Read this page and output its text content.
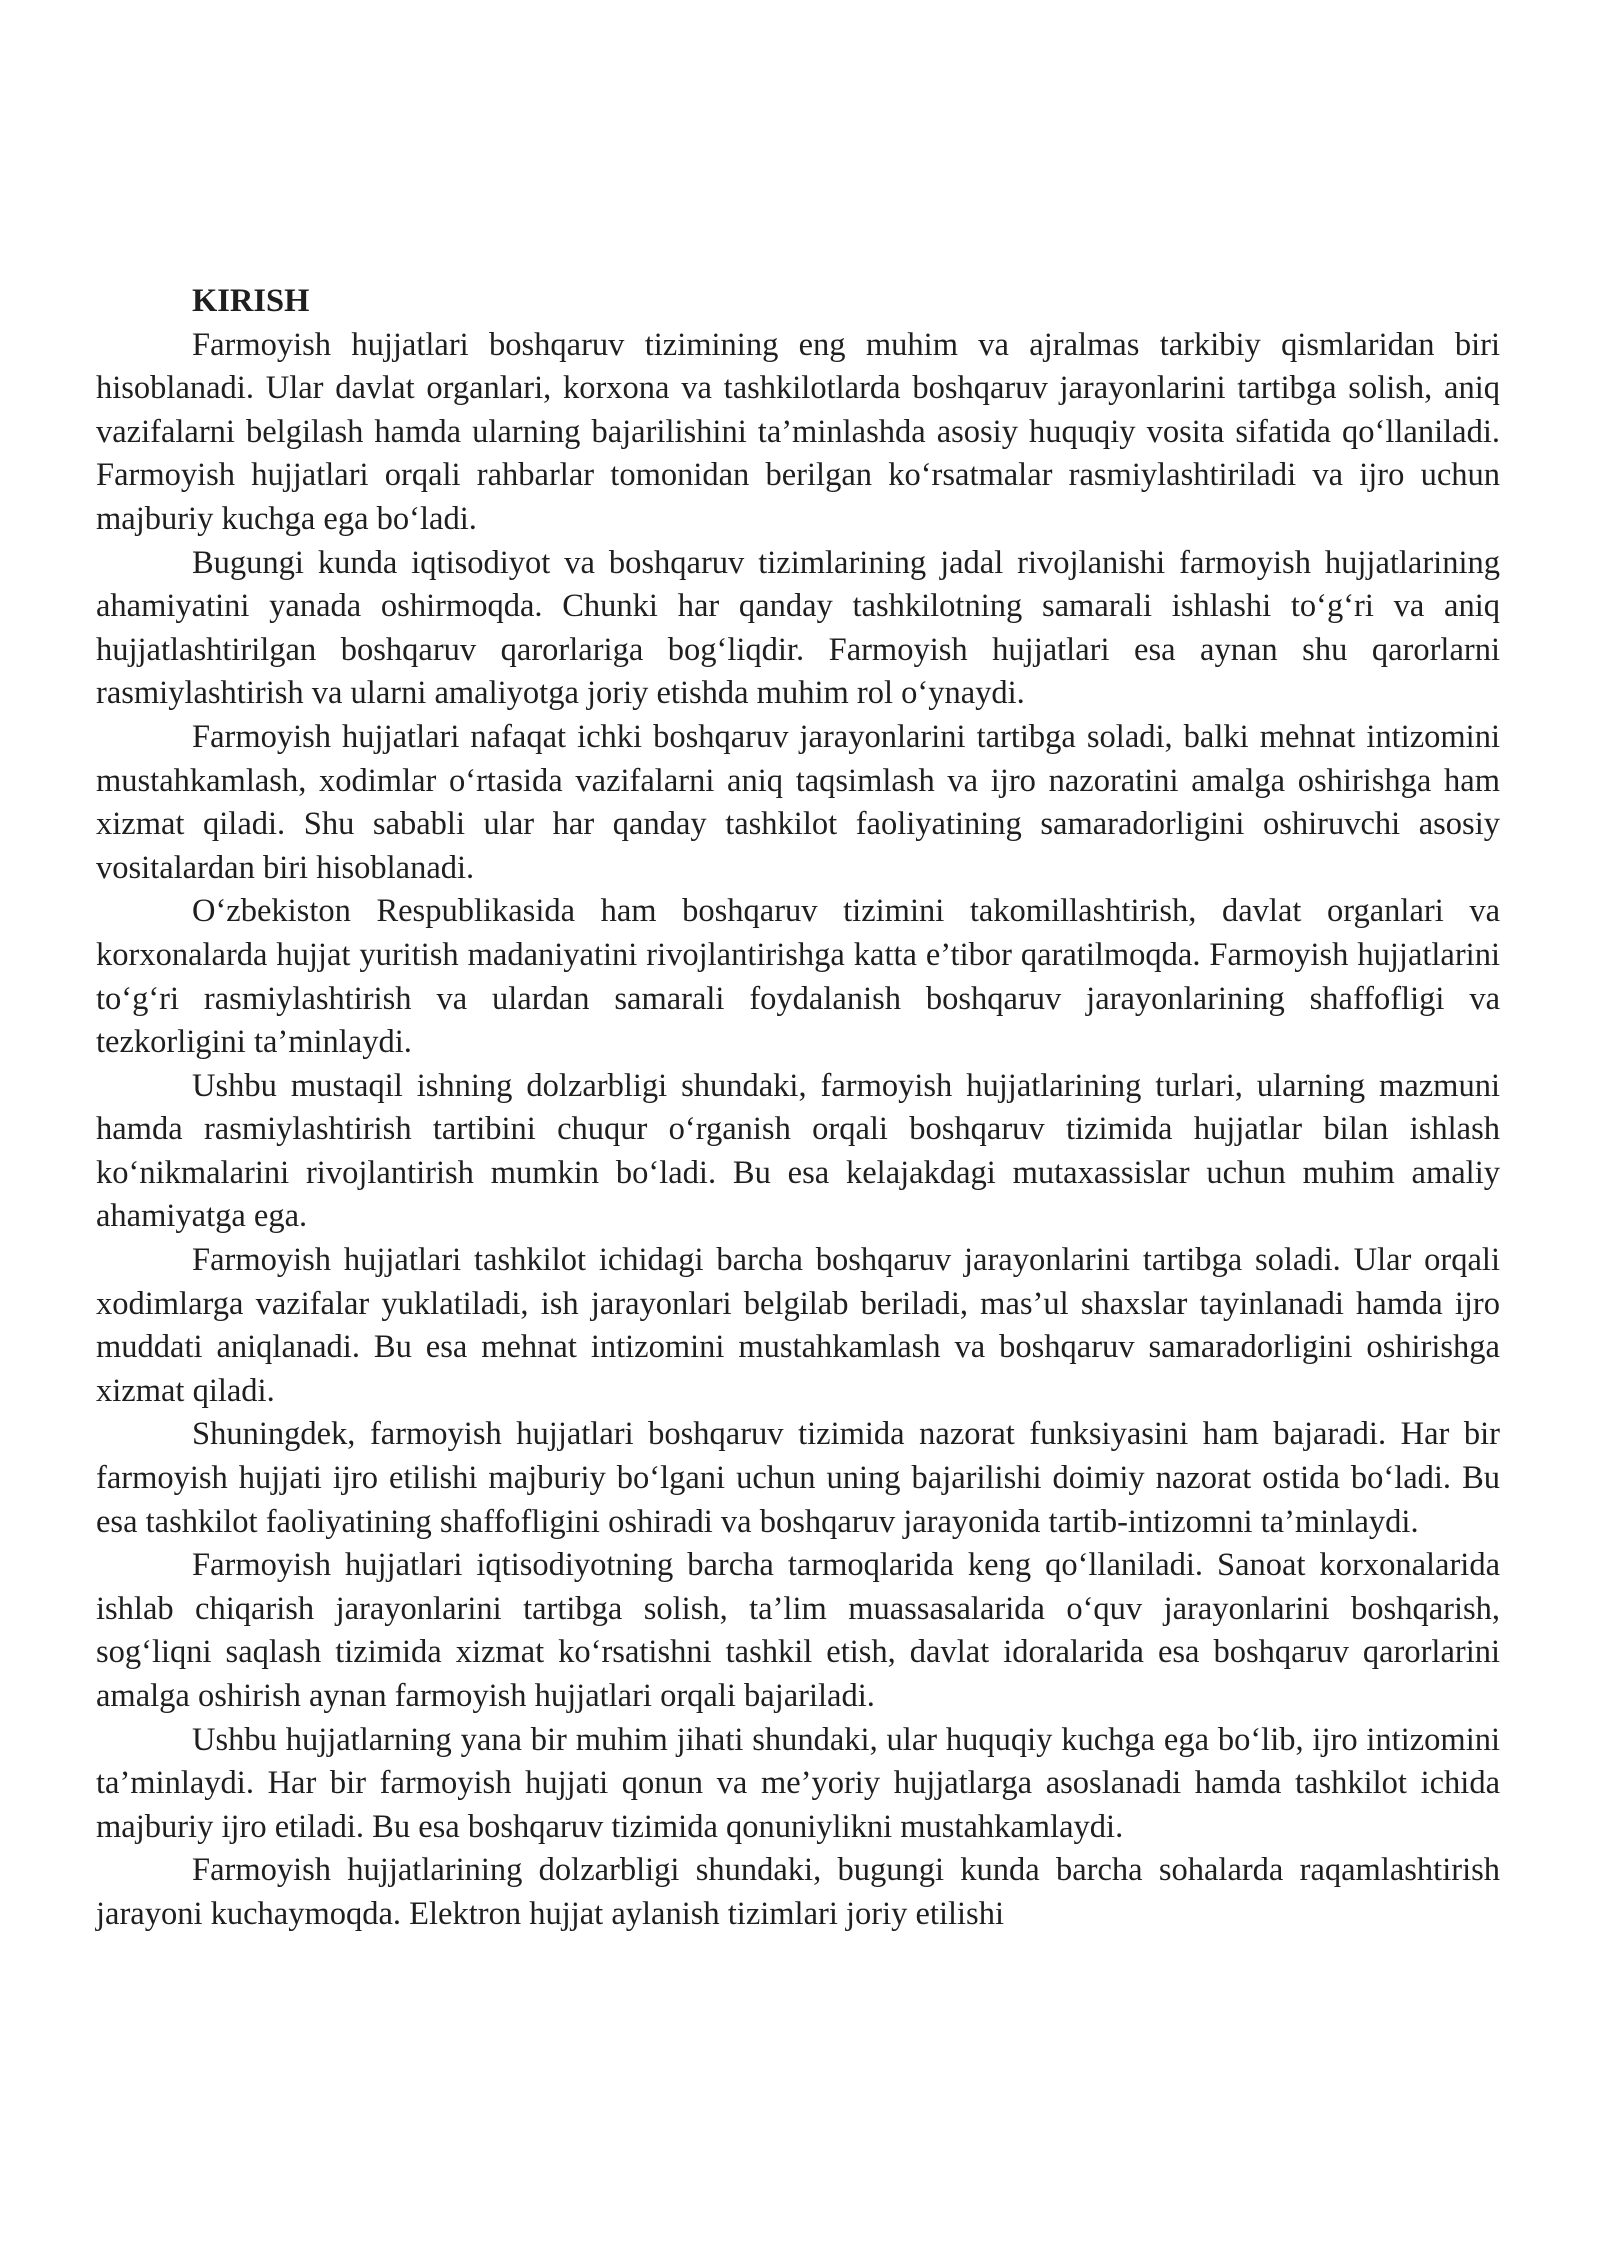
KIRISH

Farmoyish hujjatlari boshqaruv tizimining eng muhim va ajralmas tarkibiy qismlaridan biri hisoblanadi. Ular davlat organlari, korxona va tashkilotlarda boshqaruv jarayonlarini tartibga solish, aniq vazifalarni belgilash hamda ularning bajarilishini ta’minlashda asosiy huquqiy vosita sifatida qo‘llaniladi. Farmoyish hujjatlari orqali rahbarlar tomonidan berilgan ko‘rsatmalar rasmiylashtiriladi va ijro uchun majburiy kuchga ega bo‘ladi.

Bugungi kunda iqtisodiyot va boshqaruv tizimlarining jadal rivojlanishi farmoyish hujjatlarining ahamiyatini yanada oshirmoqda. Chunki har qanday tashkilotning samarali ishlashi to‘g‘ri va aniq hujjatlashtirilgan boshqaruv qarorlariga bog‘liqdir. Farmoyish hujjatlari esa aynan shu qarorlarni rasmiylashtirish va ularni amaliyotga joriy etishda muhim rol o‘ynaydi.

Farmoyish hujjatlari nafaqat ichki boshqaruv jarayonlarini tartibga soladi, balki mehnat intizomini mustahkamlash, xodimlar o‘rtasida vazifalarni aniq taqsimlash va ijro nazoratini amalga oshirishga ham xizmat qiladi. Shu sababli ular har qanday tashkilot faoliyatining samaradorligini oshiruvchi asosiy vositalardan biri hisoblanadi.

O‘zbekiston Respublikasida ham boshqaruv tizimini takomillashtirish, davlat organlari va korxonalarda hujjat yuritish madaniyatini rivojlantirishga katta e’tibor qaratilmoqda. Farmoyish hujjatlarini to‘g‘ri rasmiylashtirish va ulardan samarali foydalanish boshqaruv jarayonlarining shaffofligi va tezkorligini ta’minlaydi.

Ushbu mustaqil ishning dolzarbligi shundaki, farmoyish hujjatlarining turlari, ularning mazmuni hamda rasmiylashtirish tartibini chuqur o‘rganish orqali boshqaruv tizimida hujjatlar bilan ishlash ko‘nikmalarini rivojlantirish mumkin bo‘ladi. Bu esa kelajakdagi mutaxassislar uchun muhim amaliy ahamiyatga ega.

Farmoyish hujjatlari tashkilot ichidagi barcha boshqaruv jarayonlarini tartibga soladi. Ular orqali xodimlarga vazifalar yuklatiladi, ish jarayonlari belgilab beriladi, mas’ul shaxslar tayinlanadi hamda ijro muddati aniqlanadi. Bu esa mehnat intizomini mustahkamlash va boshqaruv samaradorligini oshirishga xizmat qiladi.

Shuningdek, farmoyish hujjatlari boshqaruv tizimida nazorat funksiyasini ham bajaradi. Har bir farmoyish hujjati ijro etilishi majburiy bo‘lgani uchun uning bajarilishi doimiy nazorat ostida bo‘ladi. Bu esa tashkilot faoliyatining shaffofligini oshiradi va boshqaruv jarayonida tartib-intizomni ta’minlaydi.

Farmoyish hujjatlari iqtisodiyotning barcha tarmoqlarida keng qo‘llaniladi. Sanoat korxonalarida ishlab chiqarish jarayonlarini tartibga solish, ta’lim muassasalarida o‘quv jarayonlarini boshqarish, sog‘liqni saqlash tizimida xizmat ko‘rsatishni tashkil etish, davlat idoralarida esa boshqaruv qarorlarini amalga oshirish aynan farmoyish hujjatlari orqali bajariladi.

Ushbu hujjatlarning yana bir muhim jihati shundaki, ular huquqiy kuchga ega bo‘lib, ijro intizomini ta’minlaydi. Har bir farmoyish hujjati qonun va me’yoriy hujjatlarga asoslanadi hamda tashkilot ichida majburiy ijro etiladi. Bu esa boshqaruv tizimida qonuniylikni mustahkamlaydi.

Farmoyish hujjatlarining dolzarbligi shundaki, bugungi kunda barcha sohalarda raqamlashtirish jarayoni kuchaymoqda. Elektron hujjat aylanish tizimlari joriy etilishi
